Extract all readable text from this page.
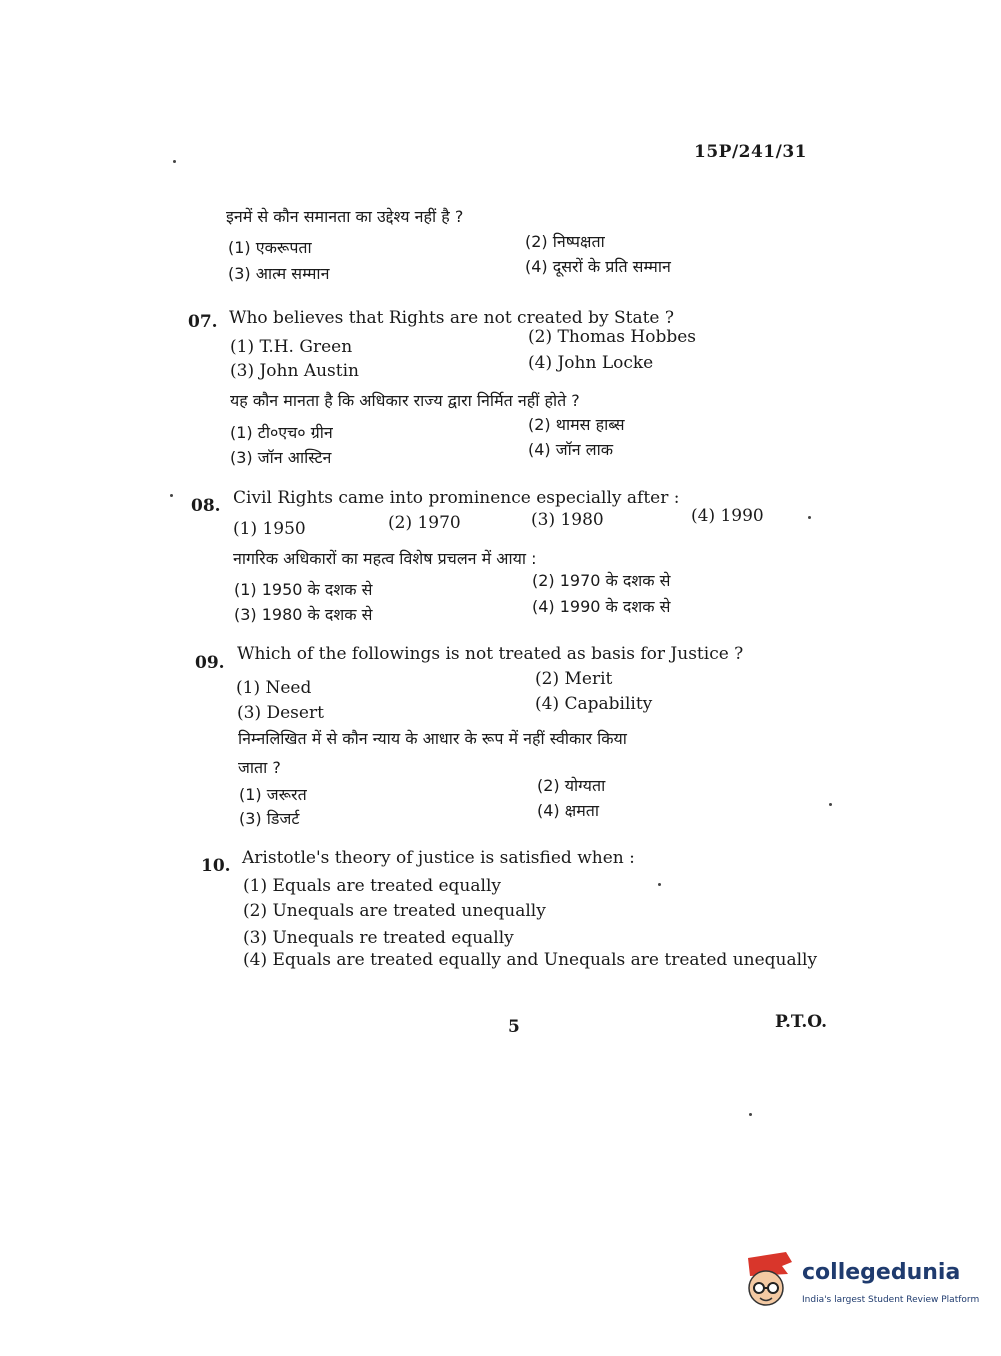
15P/241/31
इनमें से कौन समानता का उद्देश्य नहीं है ?
(1) एकरूपता	(2) निष्पक्षता
(3) आत्म सम्मान	(4) दूसरों के प्रति सम्मान
07. Who believes that Rights are not created by State ?
(1) T.H. Green	(2) Thomas Hobbes
(3) John Austin	(4) John Locke
यह कौन मानता है कि अधिकार राज्य द्वारा निर्मित नहीं होते ?
(1) टी०एच० ग्रीन	(2) थामस हाब्स
(3) जॉन आस्टिन	(4) जॉन लाक
08. Civil Rights came into prominence especially after :
(1) 1950	(2) 1970	(3) 1980	(4) 1990
नागरिक अधिकारों का महत्व विशेष प्रचलन में आया :
(1) 1950 के दशक से	(2) 1970 के दशक से
(3) 1980 के दशक से	(4) 1990 के दशक से
09. Which of the followings is not treated as basis for Justice ?
(1) Need	(2) Merit
(3) Desert	(4) Capability
निम्नलिखित में से कौन न्याय के आधार के रूप में नहीं स्वीकार किया
जाता ?
(1) जरूरत	(2) योग्यता
(3) डिजर्ट	(4) क्षमता
10. Aristotle's theory of justice is satisfied when :
(1) Equals are treated equally
(2) Unequals are treated unequally
(3) Unequals re treated equally
(4) Equals are treated equally and Unequals are treated unequally
5	P.T.O.
collegedunia
India's largest Student Review Platform
